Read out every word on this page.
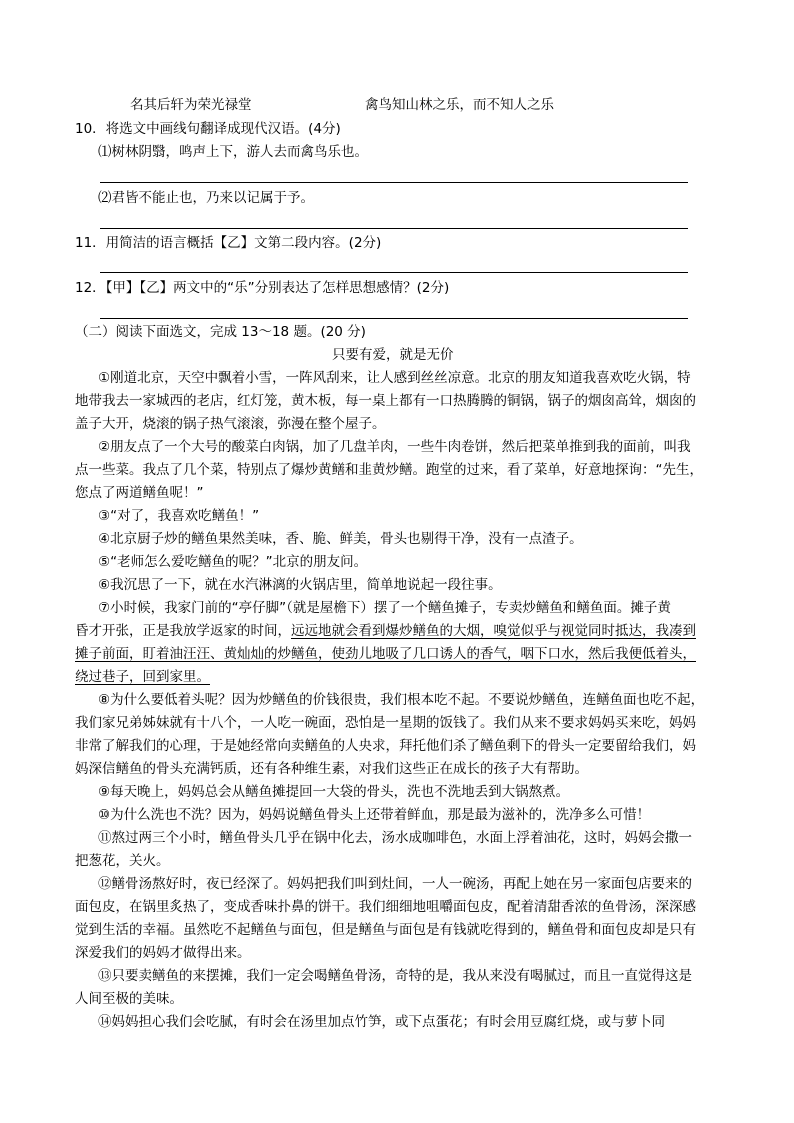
名其后轩为荣光禄堂	禽鸟知山林之乐，而不知人之乐
10．将选文中画线句翻译成现代汉语。(4分)
⑴树林阴翳，鸣声上下，游人去而禽鸟乐也。
⑵君皆不能止也，乃来以记属于予。
11．用简洁的语言概括【乙】文第二段内容。(2分)
12．【甲】【乙】两文中的“乐”分别表达了怎样思想感情？(2分)
（二）阅读下面选文，完成 13～18 题。(20 分)
只要有爱，就是无价
①刚道北京，天空中飘着小雪，一阵风刮来，让人感到丝丝凉意。北京的朋友知道我喜欢吃火锅，特
地带我去一家城西的老店，红灯笼，黄木板，每一桌上都有一口热腾腾的铜锅，锅子的烟囱高耸，烟囱的
盖子大开，烧滚的锅子热气滚滚，弥漫在整个屋子。
②朋友点了一个大号的酸菜白肉锅，加了几盘羊肉，一些牛肉卷饼，然后把菜单推到我的面前，叫我
点一些菜。我点了几个菜，特别点了爆炒黄鳝和韭黄炒鳝。跑堂的过来，看了菜单，好意地探询：“先生，
您点了两道鳝鱼呢！”
③“对了，我喜欢吃鳝鱼！”
④北京厨子炒的鳝鱼果然美味，香、脆、鲜美，骨头也剔得干净，没有一点渣子。
⑤“老师怎么爱吃鳝鱼的呢？”北京的朋友问。
⑥我沉思了一下，就在水汽淋漓的火锅店里，简单地说起一段往事。
⑦小时候，我家门前的“亭仔脚”（就是屋檐下）摆了一个鳝鱼摊子，专卖炒鳝鱼和鳝鱼面。摊子黄
昏才开张，正是我放学返家的时间，远远地就会看到爆炒鳝鱼的大烟，嗅觉似乎与视觉同时抵达，我凑到
摊子前面，盯着油汪汪、黄灿灿的炒鳝鱼，使劲儿地吸了几口诱人的香气，咽下口水，然后我便低着头，
绕过巷子，回到家里。
⑧为什么要低着头呢？因为炒鳝鱼的价钱很贵，我们根本吃不起。不要说炒鳝鱼，连鳝鱼面也吃不起，
我们家兄弟姊妹就有十八个，一人吃一碗面，恐怕是一星期的饭钱了。我们从来不要求妈妈买来吃，妈妈
非常了解我们的心理，于是她经常向卖鳝鱼的人央求，拜托他们杀了鳝鱼剩下的骨头一定要留给我们，妈
妈深信鳝鱼的骨头充满钙质，还有各种维生素，对我们这些正在成长的孩子大有帮助。
⑨每天晚上，妈妈总会从鳝鱼摊提回一大袋的骨头，洗也不洗地丢到大锅熬煮。
⑩为什么洗也不洗？因为，妈妈说鳝鱼骨头上还带着鲜血，那是最为滋补的，洗净多么可惜！
⑪熬过两三个小时，鳝鱼骨头几乎在锅中化去，汤水成咖啡色，水面上浮着油花，这时，妈妈会撒一
把葱花，关火。
⑫鳝骨汤熬好时，夜已经深了。妈妈把我们叫到灶间，一人一碗汤，再配上她在另一家面包店要来的
面包皮，在锅里炙热了，变成香味扑鼻的饼干。我们细细地咀嚼面包皮，配着清甜香浓的鱼骨汤，深深感
觉到生活的幸福。虽然吃不起鳝鱼与面包，但是鳝鱼与面包是有钱就吃得到的，鳝鱼骨和面包皮却是只有
深爱我们的妈妈才做得出来。
⑬只要卖鳝鱼的来摆摊，我们一定会喝鳝鱼骨汤，奇特的是，我从来没有喝腻过，而且一直觉得这是
人间至极的美味。
⑭妈妈担心我们会吃腻，有时会在汤里加点竹笋，或下点蛋花；有时会用豆腐红烧，或与萝卜同
